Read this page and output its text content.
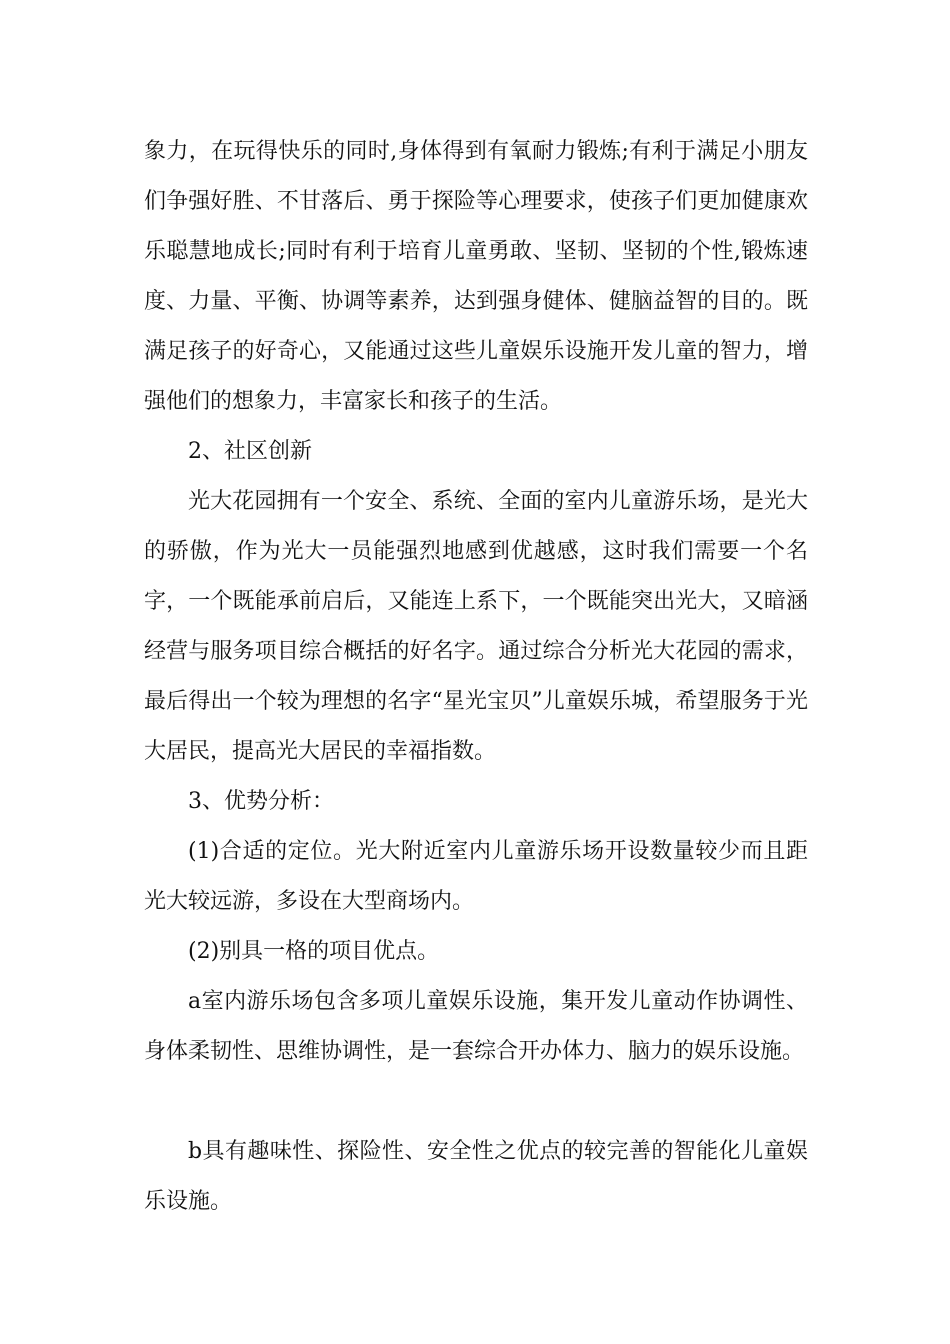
象力，在玩得快乐的同时,身体得到有氧耐力锻炼;有利于满足小朋友们争强好胜、不甘落后、勇于探险等心理要求，使孩子们更加健康欢乐聪慧地成长;同时有利于培育儿童勇敢、坚韧、坚韧的个性,锻炼速度、力量、平衡、协调等素养，达到强身健体、健脑益智的目的。既满足孩子的好奇心，又能通过这些儿童娱乐设施开发儿童的智力，增强他们的想象力，丰富家长和孩子的生活。

2、社区创新

光大花园拥有一个安全、系统、全面的室内儿童游乐场，是光大的骄傲，作为光大一员能强烈地感到优越感，这时我们需要一个名字，一个既能承前启后，又能连上系下，一个既能突出光大，又暗涵经营与服务项目综合概括的好名字。通过综合分析光大花园的需求，最后得出一个较为理想的名字“星光宝贝”儿童娱乐城，希望服务于光大居民，提高光大居民的幸福指数。

3、优势分析：

(1)合适的定位。光大附近室内儿童游乐场开设数量较少而且距光大较远游，多设在大型商场内。

(2)别具一格的项目优点。

a室内游乐场包含多项儿童娱乐设施，集开发儿童动作协调性、身体柔韧性、思维协调性，是一套综合开办体力、脑力的娱乐设施。

b具有趣味性、探险性、安全性之优点的较完善的智能化儿童娱乐设施。
